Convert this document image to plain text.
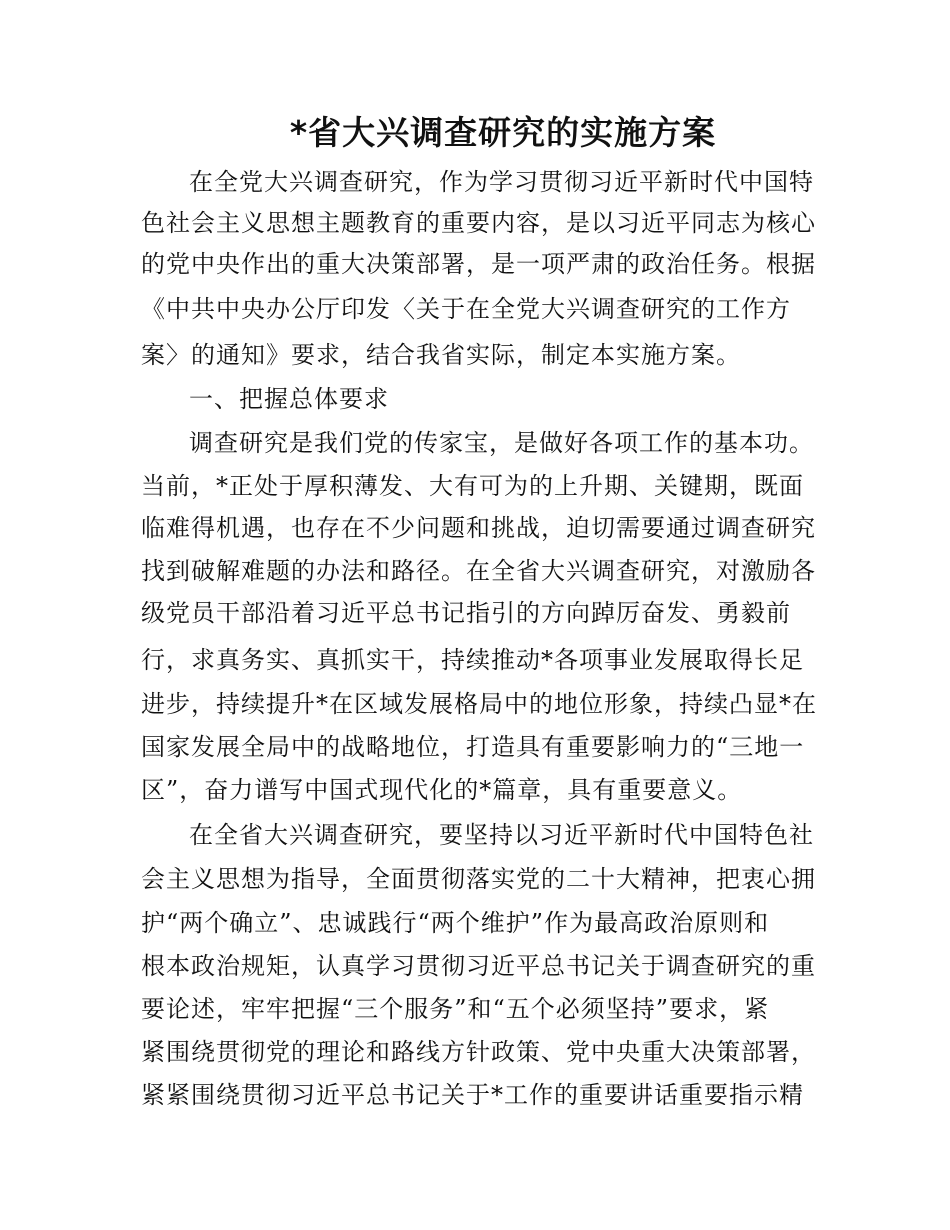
*省大兴调查研究的实施方案
在全党大兴调查研究，作为学习贯彻习近平新时代中国特
色社会主义思想主题教育的重要内容，是以习近平同志为核心
的党中央作出的重大决策部署，是一项严肃的政治任务。根据
《中共中央办公厅印发〈关于在全党大兴调查研究的工作方
案〉的通知》要求，结合我省实际，制定本实施方案。
一、把握总体要求
调查研究是我们党的传家宝，是做好各项工作的基本功。
当前，*正处于厚积薄发、大有可为的上升期、关键期，既面
临难得机遇，也存在不少问题和挑战，迫切需要通过调查研究
找到破解难题的办法和路径。在全省大兴调查研究，对激励各
级党员干部沿着习近平总书记指引的方向踔厉奋发、勇毅前
行，求真务实、真抓实干，持续推动*各项事业发展取得长足
进步，持续提升*在区域发展格局中的地位形象，持续凸显*在
国家发展全局中的战略地位，打造具有重要影响力的“三地一
区”，奋力谱写中国式现代化的*篇章，具有重要意义。
在全省大兴调查研究，要坚持以习近平新时代中国特色社
会主义思想为指导，全面贯彻落实党的二十大精神，把衷心拥
护“两个确立”、忠诚践行“两个维护”作为最高政治原则和
根本政治规矩，认真学习贯彻习近平总书记关于调查研究的重
要论述，牢牢把握“三个服务”和“五个必须坚持”要求，紧
紧围绕贯彻党的理论和路线方针政策、党中央重大决策部署，
紧紧围绕贯彻习近平总书记关于*工作的重要讲话重要指示精
